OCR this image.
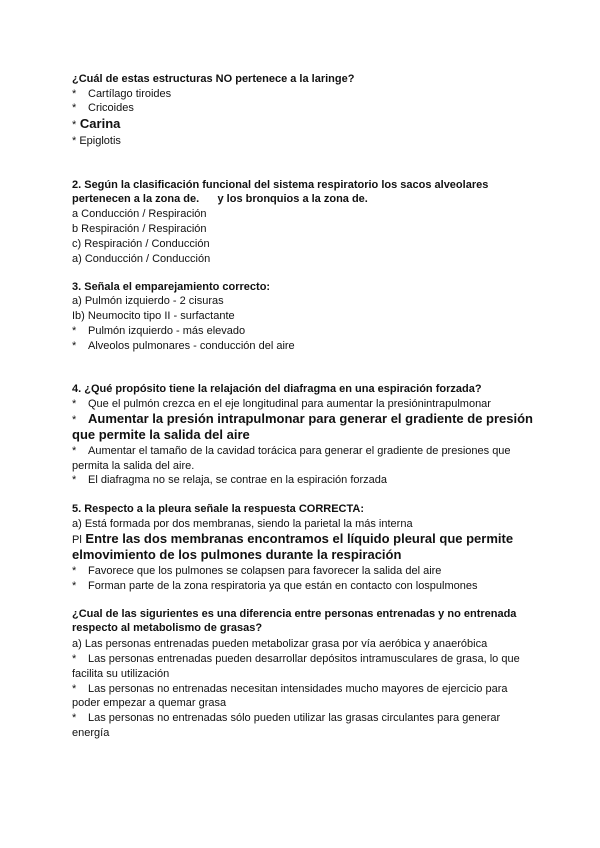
¿Cuál de estas estructuras NO pertenece a la laringe?
* Cartílago tiroides
* Cricoides
* Carina
* Epiglotis
2. Según la clasificación funcional del sistema respiratorio los sacos alveolares
pertenecen a la zona de.      y los bronquios a la zona de.
a Conducción / Respiración
b Respiración / Respiración
c) Respiración / Conducción
a) Conducción / Conducción
3. Señala el emparejamiento correcto:
a) Pulmón izquierdo - 2 cisuras
Ib) Neumocito tipo II - surfactante
* Pulmón izquierdo - más elevado
* Alveolos pulmonares - conducción del aire
4. ¿Qué propósito tiene la relajación del diafragma en una espiración forzada?
* Que el pulmón crezca en el eje longitudinal para aumentar la presiónintrapulmonar
* Aumentar la presión intrapulmonar para generar el gradiente de presión
que permite la salida del aire
* Aumentar el tamaño de la cavidad torácica para generar el gradiente de presiones que
permita la salida del aire.
* El diafragma no se relaja, se contrae en la espiración forzada
5. Respecto a la pleura señale la respuesta CORRECTA:
a) Está formada por dos membranas, siendo la parietal la más interna
Pl Entre las dos membranas encontramos el líquido pleural que permite
elmovimiento de los pulmones durante la respiración
* Favorece que los pulmones se colapsen para favorecer la salida del aire
* Forman parte de la zona respiratoria ya que están en contacto con lospulmones
¿Cual de las sigurientes es una diferencia entre personas entrenadas y no entrenada
respecto al metabolismo de grasas?
a) Las personas entrenadas pueden metabolizar grasa por vía aeróbica y anaeróbica
* Las personas entrenadas pueden desarrollar depósitos intramusculares de grasa, lo que
facilita su utilización
* Las personas no entrenadas necesitan intensidades mucho mayores de ejercicio para
poder empezar a quemar grasa
* Las personas no entrenadas sólo pueden utilizar las grasas circulantes para generar
energía
